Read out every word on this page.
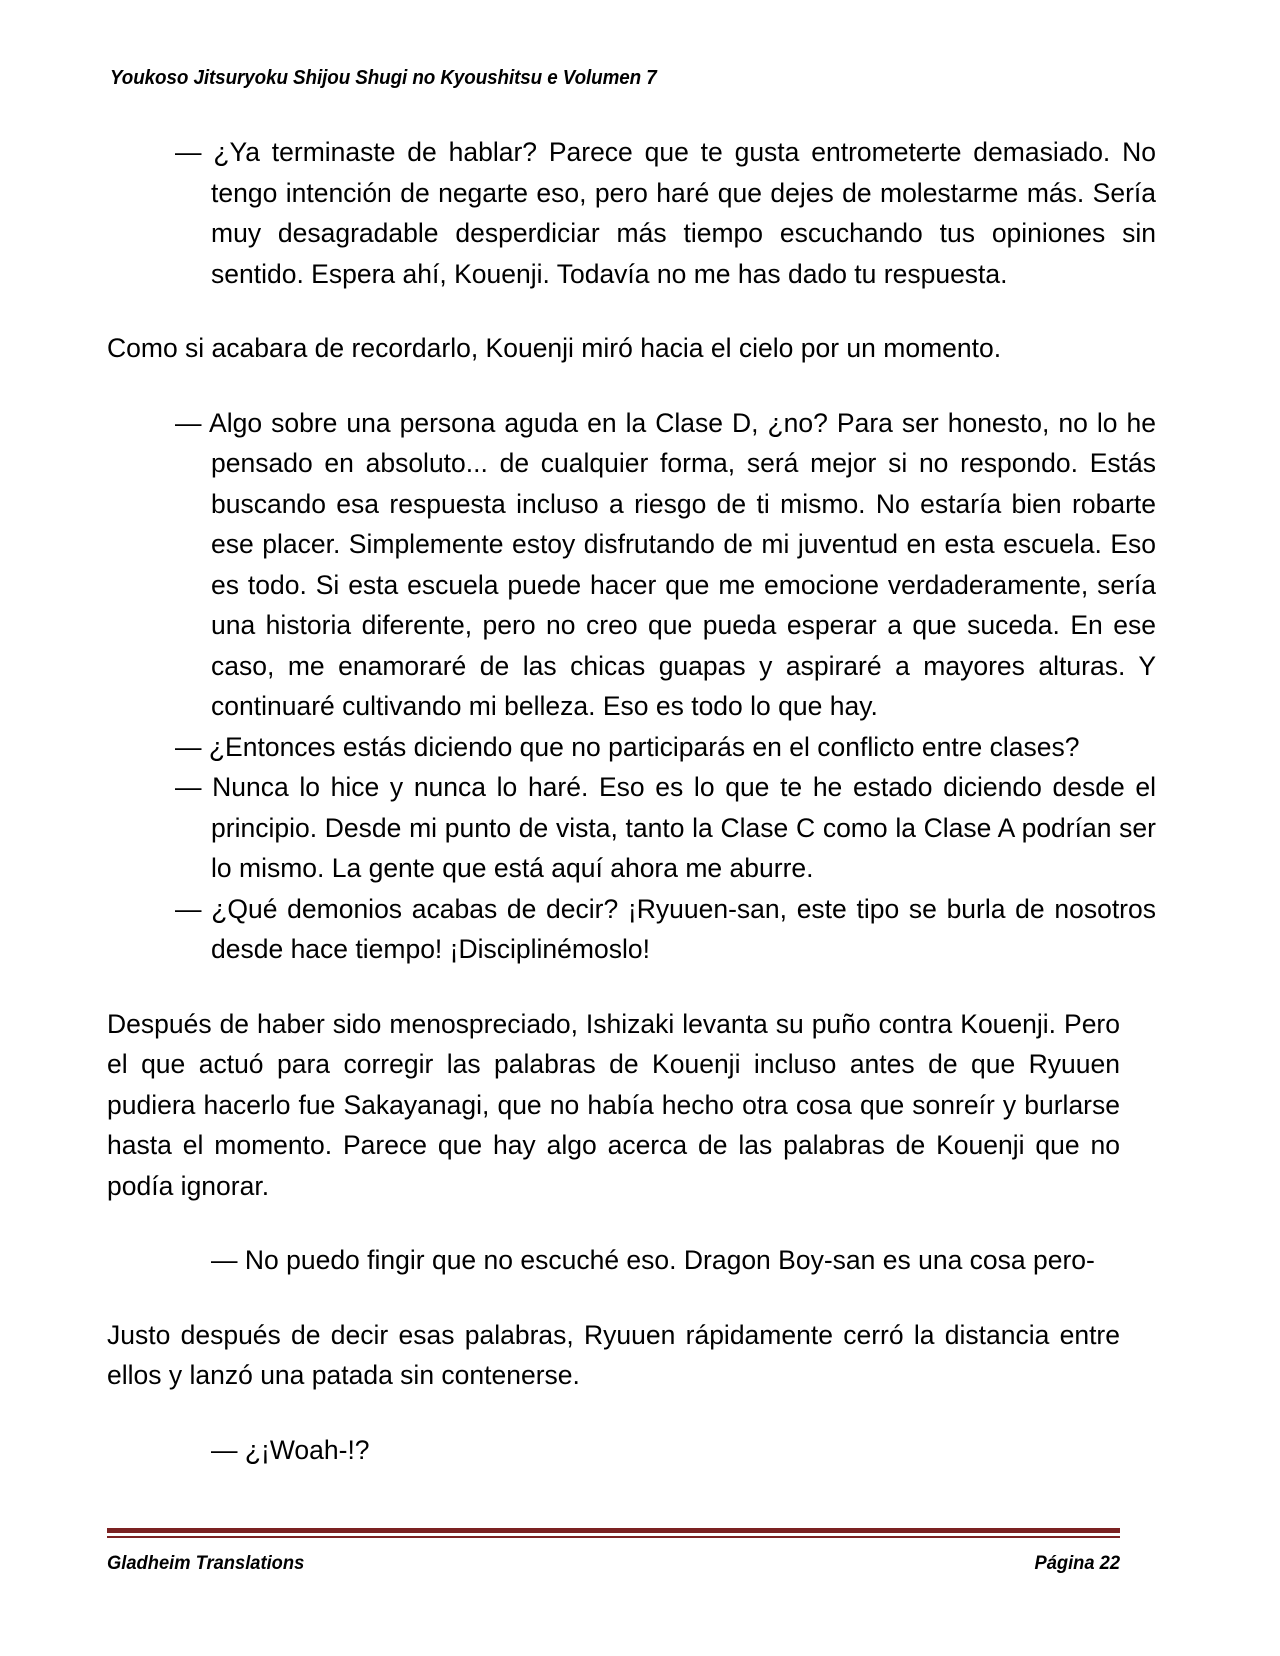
Youkoso Jitsuryoku Shijou Shugi no Kyoushitsu e Volumen 7

— ¿Ya terminaste de hablar? Parece que te gusta entrometerte demasiado. No tengo intención de negarte eso, pero haré que dejes de molestarme más. Sería muy desagradable desperdiciar más tiempo escuchando tus opiniones sin sentido. Espera ahí, Kouenji. Todavía no me has dado tu respuesta.

Como si acabara de recordarlo, Kouenji miró hacia el cielo por un momento.

— Algo sobre una persona aguda en la Clase D, ¿no? Para ser honesto, no lo he pensado en absoluto... de cualquier forma, será mejor si no respondo. Estás buscando esa respuesta incluso a riesgo de ti mismo. No estaría bien robarte ese placer. Simplemente estoy disfrutando de mi juventud en esta escuela. Eso es todo. Si esta escuela puede hacer que me emocione verdaderamente, sería una historia diferente, pero no creo que pueda esperar a que suceda. En ese caso, me enamoraré de las chicas guapas y aspiraré a mayores alturas. Y continuaré cultivando mi belleza. Eso es todo lo que hay.

— ¿Entonces estás diciendo que no participarás en el conflicto entre clases?

— Nunca lo hice y nunca lo haré. Eso es lo que te he estado diciendo desde el principio. Desde mi punto de vista, tanto la Clase C como la Clase A podrían ser lo mismo. La gente que está aquí ahora me aburre.

— ¿Qué demonios acabas de decir? ¡Ryuuen-san, este tipo se burla de nosotros desde hace tiempo! ¡Disciplinémoslo!

Después de haber sido menospreciado, Ishizaki levanta su puño contra Kouenji. Pero el que actuó para corregir las palabras de Kouenji incluso antes de que Ryuuen pudiera hacerlo fue Sakayanagi, que no había hecho otra cosa que sonreír y burlarse hasta el momento. Parece que hay algo acerca de las palabras de Kouenji que no podía ignorar.

— No puedo fingir que no escuché eso. Dragon Boy-san es una cosa pero-

Justo después de decir esas palabras, Ryuuen rápidamente cerró la distancia entre ellos y lanzó una patada sin contenerse.

— ¿¡Woah-!?

Gladheim Translations	Página 22
